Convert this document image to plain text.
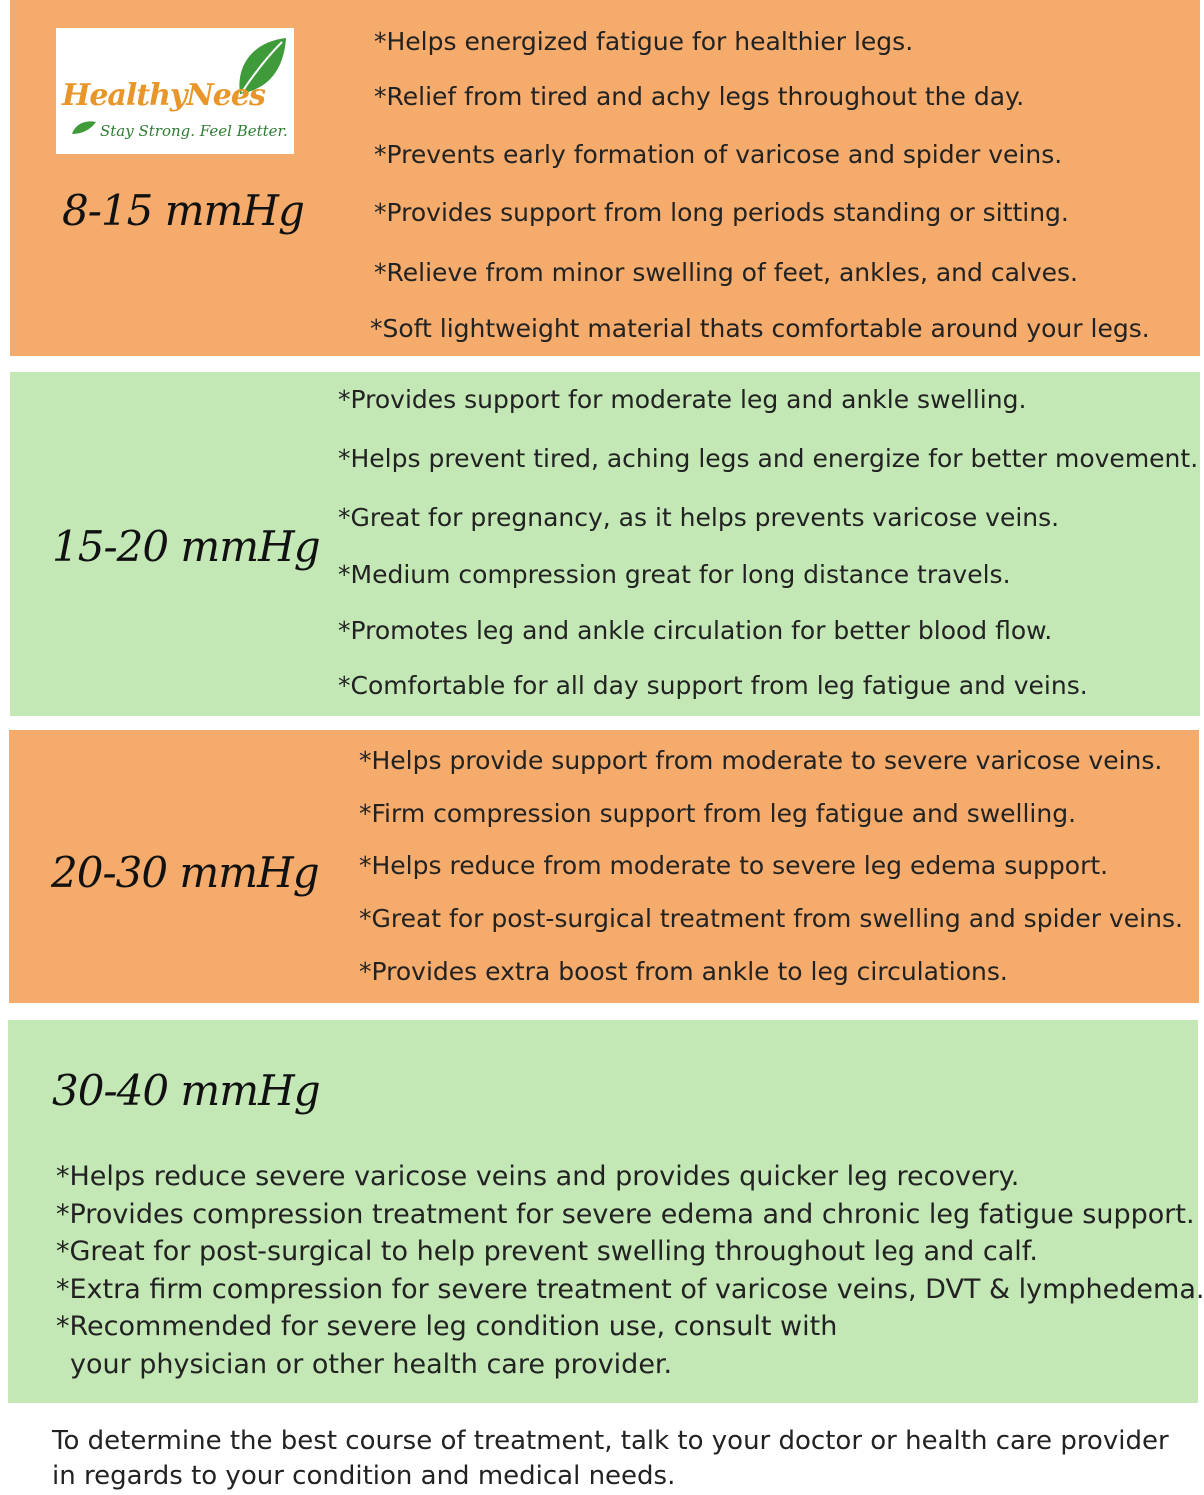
HealthyNees
Stay Strong. Feel Better.
8-15 mmHg
*Helps energized fatigue for healthier legs.
*Relief from tired and achy legs throughout the day.
*Prevents early formation of varicose and spider veins.
*Provides support from long periods standing or sitting.
*Relieve from minor swelling of feet, ankles, and calves.
*Soft lightweight material thats comfortable around your legs.
15-20 mmHg
*Provides support for moderate leg and ankle swelling.
*Helps prevent tired, aching legs and energize for better movement.
*Great for pregnancy, as it helps prevents varicose veins.
*Medium compression great for long distance travels.
*Promotes leg and ankle circulation for better blood flow.
*Comfortable for all day support from leg fatigue and veins.
20-30 mmHg
*Helps provide support from moderate to severe varicose veins.
*Firm compression support from leg fatigue and swelling.
*Helps reduce from moderate to severe leg edema support.
*Great for post-surgical treatment from swelling and spider veins.
*Provides extra boost from ankle to leg circulations.
30-40 mmHg
*Helps reduce severe varicose veins and provides quicker leg recovery.
*Provides compression treatment for severe edema and chronic leg fatigue support.
*Great for post-surgical to help prevent swelling throughout leg and calf.
*Extra firm compression for severe treatment of varicose veins, DVT & lymphedema.
*Recommended for severe leg condition use, consult with
your physician or other health care provider.
To determine the best course of treatment, talk to your doctor or health care provider
in regards to your condition and medical needs.
